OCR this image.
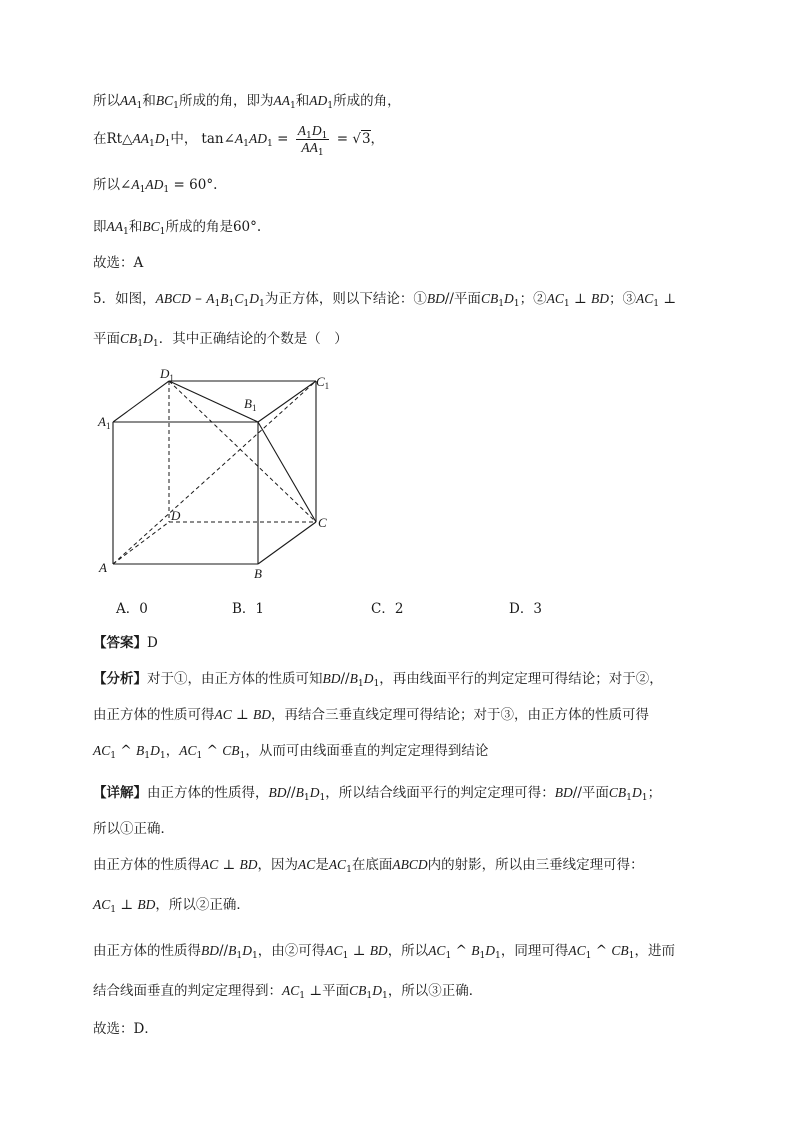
所以$AA_1$和$BC_1$所成的角，即为$AA_1$和$AD_1$所成的角，
在$Rt\triangle AA_1D_1$中， $\tan\angle A_1AD_1 = \frac{A_1D_1}{AA_1} = √3$，
所以$\angle A_1AD_1 = 60^\circ$.
即$AA_1$和$BC_1$所成的角是60°.
故选：A
5．如图，ABCD – $A_1B_1C_1D_1$为正方体，则以下结论：①BD//平面$CB_1D_1$；$②AC_1$ ⊥ BD；$③AC_1$ ⊥
平面$CB_1D_1$．其中正确结论的个数是（　）
$D_1$	$C_1$
$B_1$
$A_1$
D	C
A	B
A．0	B．1	C．2	D．3
【答案】D
【分析】对于①，由正方体的性质可知$BD//B_1D_1$，再由线面平行的判定定理可得结论；对于②，
由正方体的性质可得AC ⊥ BD，再结合三垂直线定理可得结论；对于③，由正方体的性质可得
$AC_1$ ^ $B_1D_1$，$AC_1$ ^ $CB_1$，从而可由线面垂直的判定定理得到结论
【详解】由正方体的性质得，$BD//B_1D_1$，所以结合线面平行的判定定理可得：BD//平面$CB_1D_1$；
所以①正确．
由正方体的性质得AC ⊥ BD，因为AC是$AC_1$在底面ABCD内的射影，所以由三垂线定理可得：
$AC_1$ ⊥ BD，所以②正确．
由正方体的性质得$BD//B_1D_1$，由②可得$AC_1$ ⊥ BD，所以$AC_1$ ^ $B_1D_1$，同理可得$AC_1$ ^ $CB_1$，进而
结合线面垂直的判定定理得到：$AC_1$ ⊥平面$CB_1D_1$，所以③正确．
故选：D．
